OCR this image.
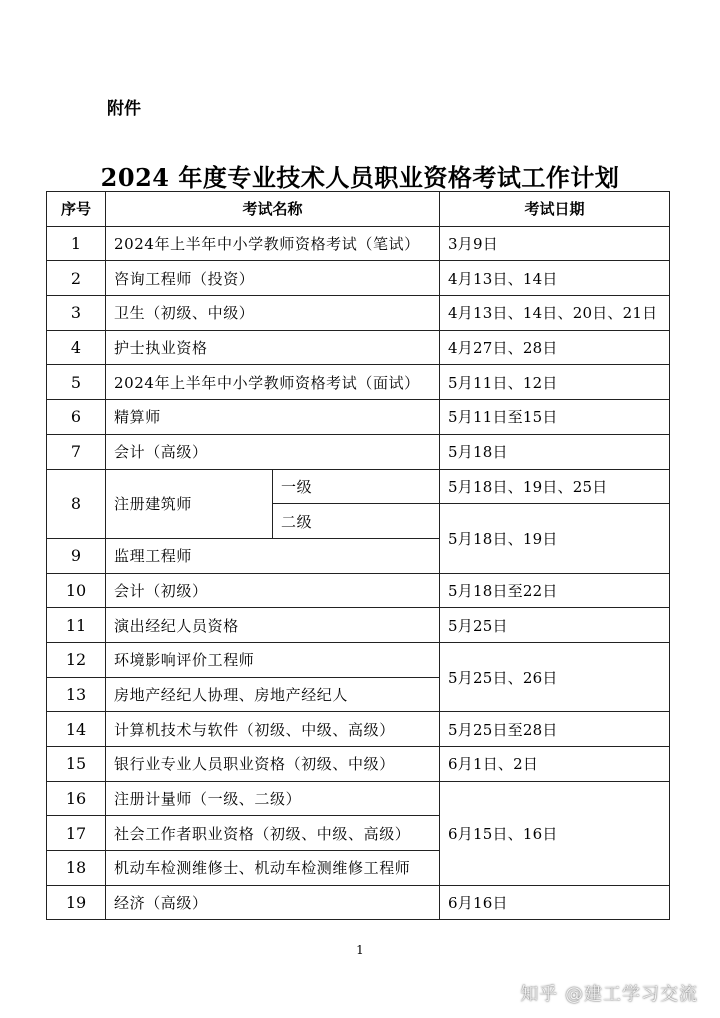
附件
2024 年度专业技术人员职业资格考试工作计划
序号	考试名称		考试日期
1	2024年上半年中小学教师资格考试（笔试）		3月9日
2	咨询工程师（投资）		4月13日、14日
3	卫生（初级、中级）		4月13日、14日、20日、21日
4	护士执业资格		4月27日、28日
5	2024年上半年中小学教师资格考试（面试）		5月11日、12日
6	精算师		5月11日至15日
7	会计（高级）		5月18日
8	注册建筑师	一级	5月18日、19日、25日
		二级	5月18日、19日
9	监理工程师		
10	会计（初级）		5月18日至22日
11	演出经纪人员资格		5月25日
12	环境影响评价工程师		5月25日、26日
13	房地产经纪人协理、房地产经纪人		
14	计算机技术与软件（初级、中级、高级）		5月25日至28日
15	银行业专业人员职业资格（初级、中级）		6月1日、2日
16	注册计量师（一级、二级）		6月15日、16日
17	社会工作者职业资格（初级、中级、高级）		
18	机动车检测维修士、机动车检测维修工程师		
19	经济（高级）		6月16日
1
知乎 @建工学习交流
